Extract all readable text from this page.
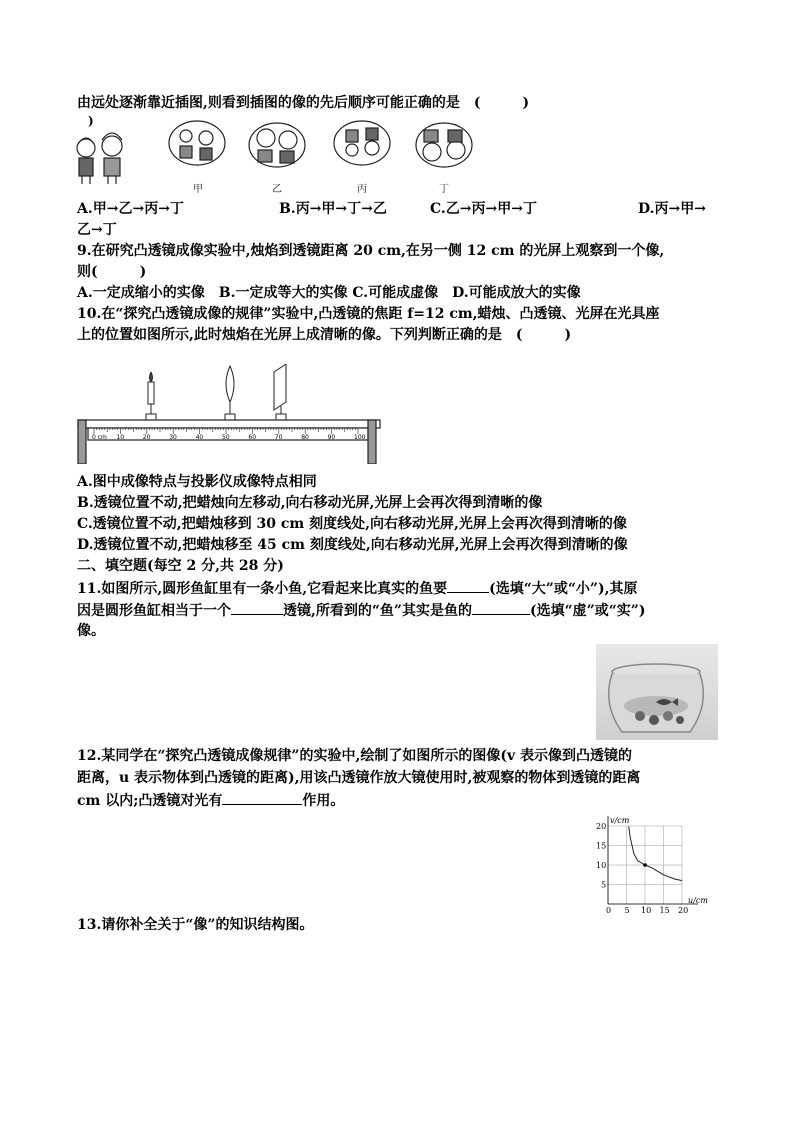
由远处逐渐靠近插图,则看到插图的像的先后顺序可能正确的是　(　　　)
)
甲	乙	丙	丁
A.甲→乙→丙→丁	B.丙→甲→丁→乙	C.乙→丙→甲→丁	D.丙→甲→
乙→丁
9.在研究凸透镜成像实验中,烛焰到透镜距离 20 cm,在另一侧 12 cm 的光屏上观察到一个像,
则(　　　)
A.一定成缩小的实像　B.一定成等大的实像 C.可能成虚像　D.可能成放大的实像
10.在“探究凸透镜成像的规律”实验中,凸透镜的焦距 f=12 cm,蜡烛、凸透镜、光屏在光具座
上的位置如图所示,此时烛焰在光屏上成清晰的像。下列判断正确的是　(　　　)
0 cm 10	20	30	40	50	60	70	80	90	100
A.图中成像特点与投影仪成像特点相同
B.透镜位置不动,把蜡烛向左移动,向右移动光屏,光屏上会再次得到清晰的像
C.透镜位置不动,把蜡烛移到 30 cm 刻度线处,向右移动光屏,光屏上会再次得到清晰的像
D.透镜位置不动,把蜡烛移至 45 cm 刻度线处,向右移动光屏,光屏上会再次得到清晰的像
二、填空题(每空 2 分,共 28 分)
11.如图所示,圆形鱼缸里有一条小鱼,它看起来比真实的鱼要	(选填“大”或“小”),其原
因是圆形鱼缸相当于一个	透镜,所看到的“鱼”其实是鱼的	(选填“虚”或“实”)
像。
12.某同学在“探究凸透镜成像规律”的实验中,绘制了如图所示的图像(v 表示像到凸透镜的
距离，u 表示物体到凸透镜的距离),用该凸透镜作放大镜使用时,被观察的物体到透镜的距离
cm 以内;凸透镜对光有	作用。
0 5 10 15 20
5
10
15
20
u/cm
v/cm
13.请你补全关于“像”的知识结构图。
